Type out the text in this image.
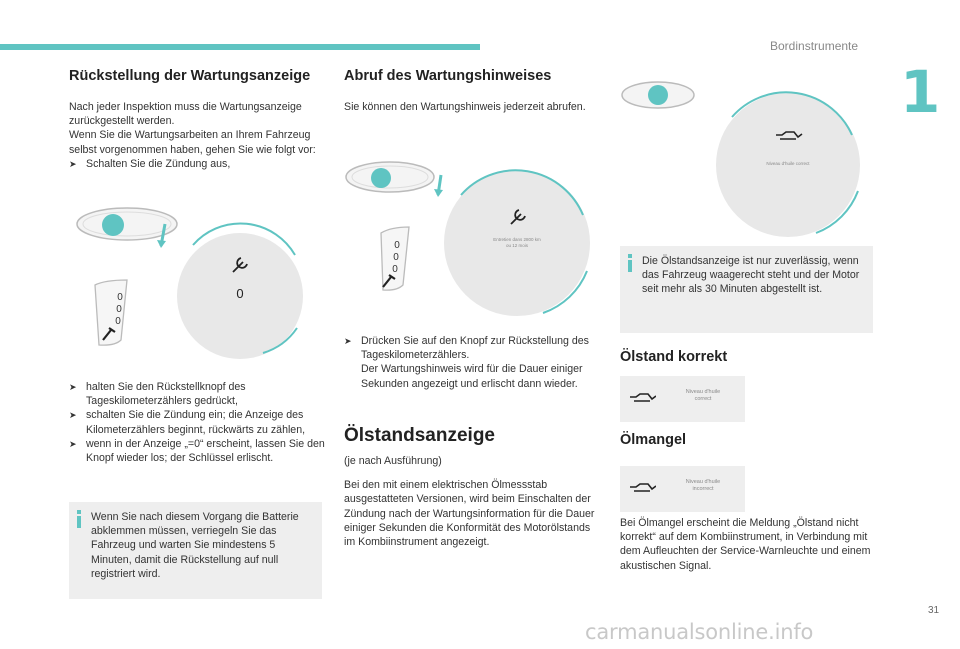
Bordinstrumente
1
Rückstellung der Wartungsanzeige

Nach jeder Inspektion muss die Wartungsanzeige zurückgestellt werden.
Wenn Sie die Wartungsarbeiten an Ihrem Fahrzeug selbst vorgenommen haben, gehen Sie wie folgt vor:

➤ Schalten Sie die Zündung aus,
0
0
0
0
➤ halten Sie den Rückstellknopf des Tageskilometerzählers gedrückt,
➤ schalten Sie die Zündung ein; die Anzeige des Kilometerzählers beginnt, rückwärts zu zählen,
➤ wenn in der Anzeige „=0“ erscheint, lassen Sie den Knopf wieder los; der Schlüssel erlischt.

Wenn Sie nach diesem Vorgang die Batterie abklemmen müssen, verriegeln Sie das Fahrzeug und warten Sie mindestens 5 Minuten, damit die Rückstellung auf null registriert wird.

Abruf des Wartungshinweises

Sie können den Wartungshinweis jederzeit abrufen.

Entretien dans 2800 km
ou 12 mois
0
0
0
➤ Drücken Sie auf den Knopf zur Rückstellung des Tageskilometerzählers.
Der Wartungshinweis wird für die Dauer einiger Sekunden angezeigt und erlischt dann wieder.
Ölstandsanzeige

(je nach Ausführung)

Bei den mit einem elektrischen Ölmessstab ausgestatteten Versionen, wird beim Einschalten der Zündung nach der Wartungsinformation für die Dauer einiger Sekunden die Konformität des Motorölstands im Kombiinstrument angezeigt.

Niveau d'huile correct

Die Ölstandsanzeige ist nur zuverlässig, wenn das Fahrzeug waagerecht steht und der Motor seit mehr als 30 Minuten abgestellt ist.

Ölstand korrekt
Niveau d'huile
correct
Ölmangel
Niveau d'huile
incorrect

Bei Ölmangel erscheint die Meldung „Ölstand nicht korrekt“ auf dem Kombiinstrument, in Verbindung mit dem Aufleuchten der Service-Warnleuchte und einem akustischen Signal.

31
carmanualsonline.info
